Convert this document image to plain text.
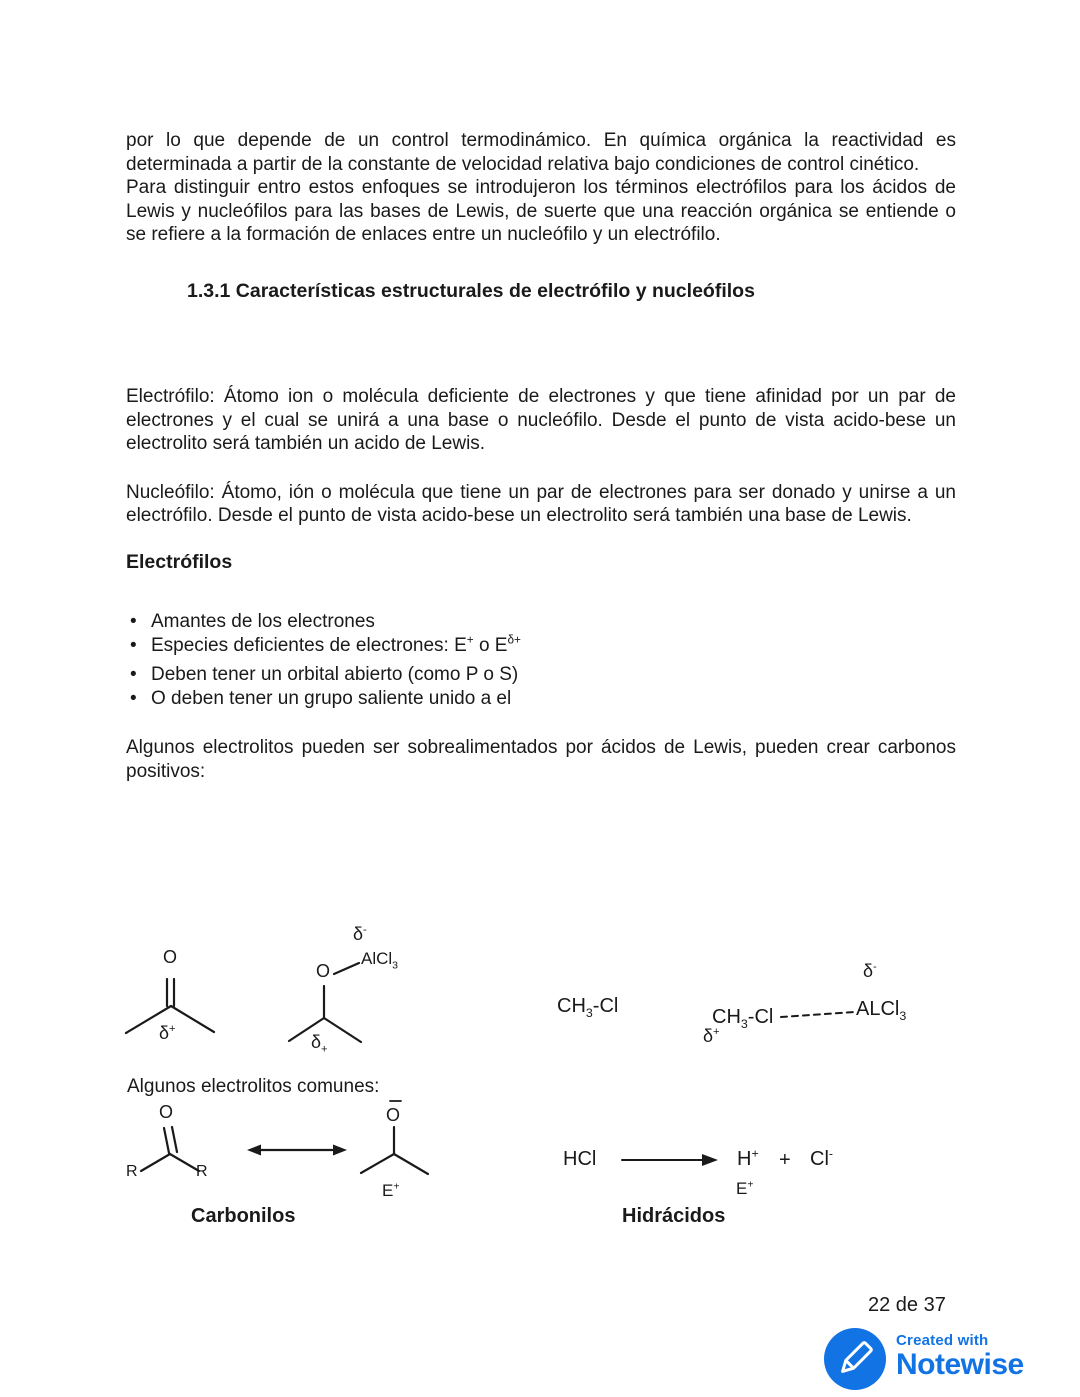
por lo que depende de un control termodinámico. En química orgánica la reactividad es determinada a partir de la constante de velocidad relativa bajo condiciones de control cinético.

Para distinguir entro estos enfoques se introdujeron los términos electrófilos para los ácidos de Lewis y nucleófilos para las bases de Lewis, de suerte que una reacción orgánica se entiende o se refiere a la formación de enlaces entre un nucleófilo y un electrófilo.

1.3.1 Características estructurales de electrófilo y nucleófilos

Electrófilo: Átomo ion o molécula deficiente de electrones y que tiene afinidad por un par de electrones y el cual se unirá a una base o nucleófilo. Desde el punto de vista acido-bese un electrolito será también un acido de Lewis.

Nucleófilo: Átomo, ión o molécula que tiene un par de electrones para ser donado y unirse a un electrófilo. Desde el punto de vista acido-bese un electrolito será también una base de Lewis.

Electrófilos
• Amantes de los electrones
• Especies deficientes de electrones: E+ o $E^{\delta+}$
• Deben tener un orbital abierto (como P o S)
• O deben tener un grupo saliente unido a el

Algunos electrolitos pueden ser sobrealimentados por ácidos de Lewis, pueden crear carbonos positivos:

O
δ+
δ-
AlCl$_3$
O
$\delta_+$
$CH_3-Cl$	$CH_3-Cl$	ALCl$_3$
δ-
δ+
Algunos electrolitos comunes:
O
R	R
O
E+
Carbonilos
HCl	H+ + Cl-
E+
Hidrácidos
22 de 37
Created with
Notewise
